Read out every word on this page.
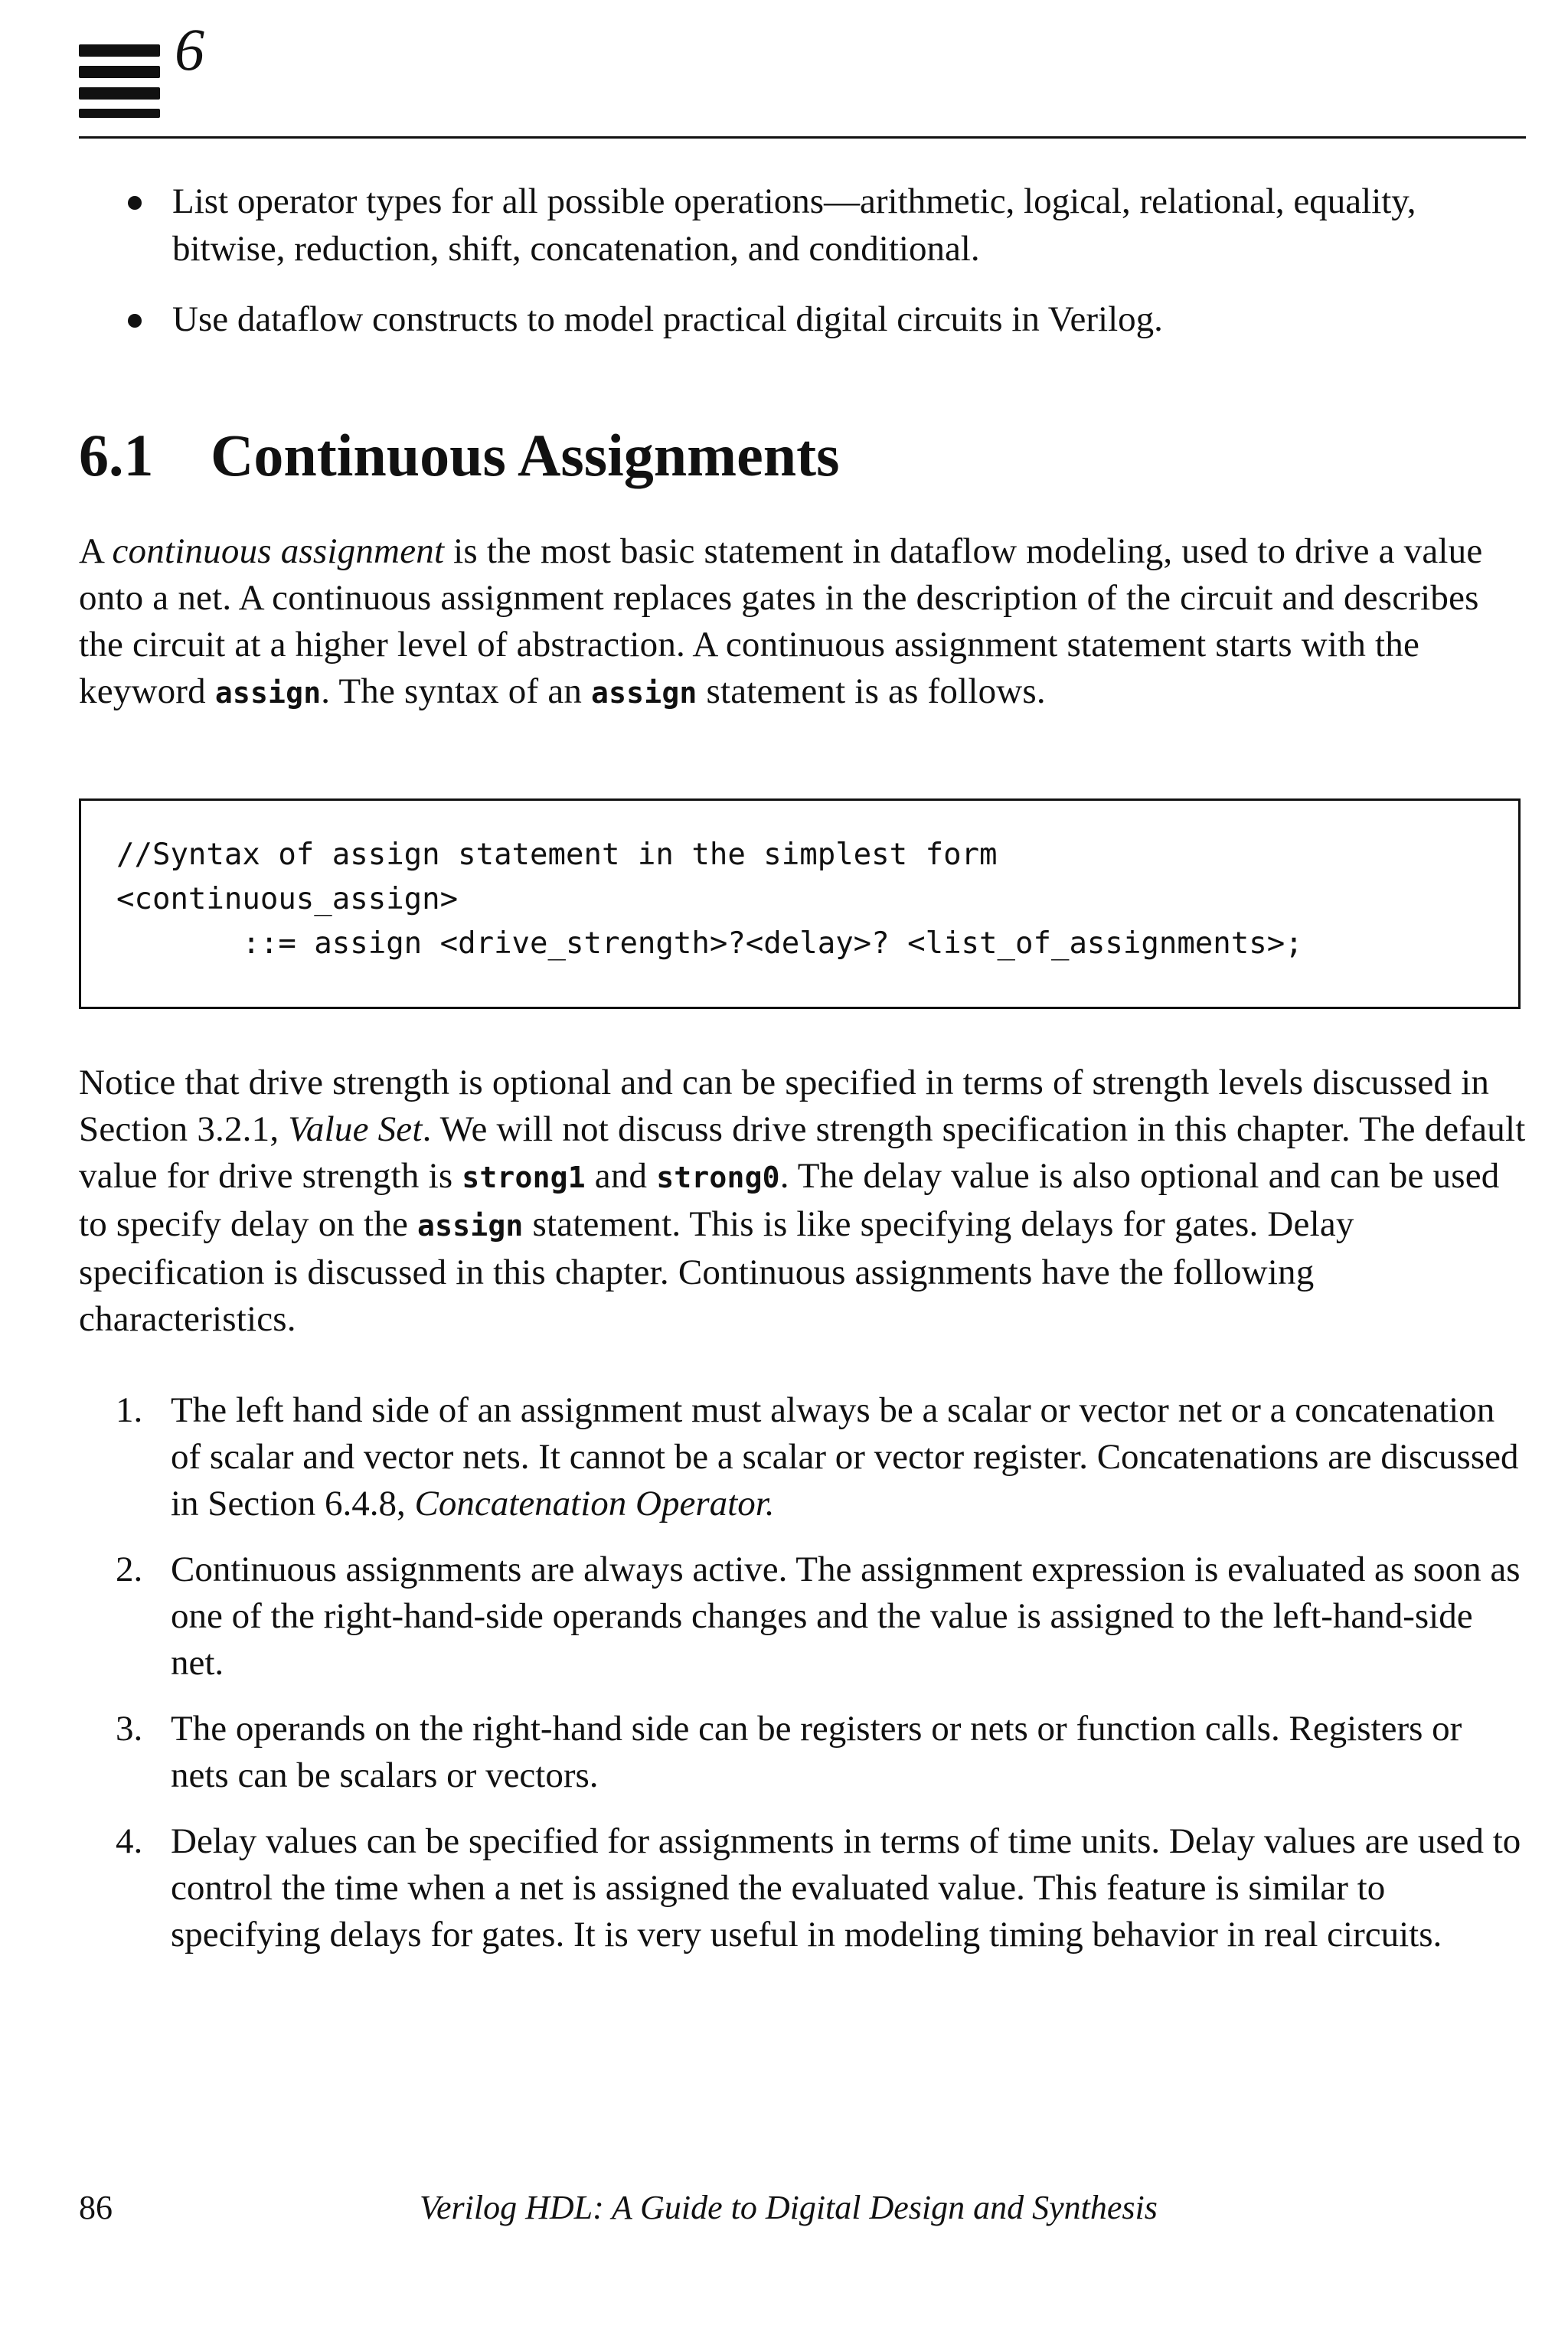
6
List operator types for all possible operations—arithmetic, logical, relational, equality, bitwise, reduction, shift, concatenation, and conditional.
Use dataflow constructs to model practical digital circuits in Verilog.
6.1 Continuous Assignments

A continuous assignment is the most basic statement in dataflow modeling, used to drive a value onto a net. A continuous assignment replaces gates in the description of the circuit and describes the circuit at a higher level of abstraction. A continuous assignment statement starts with the keyword assign. The syntax of an assign statement is as follows.

//Syntax of assign statement in the simplest form
<continuous_assign>
::= assign <drive_strength>?<delay>? <list_of_assignments>;

Notice that drive strength is optional and can be specified in terms of strength levels discussed in Section 3.2.1, Value Set. We will not discuss drive strength specification in this chapter. The default value for drive strength is strong1 and strong0. The delay value is also optional and can be used to specify delay on the assign statement. This is like specifying delays for gates. Delay specification is discussed in this chapter. Continuous assignments have the following characteristics.

1. The left hand side of an assignment must always be a scalar or vector net or a concatenation of scalar and vector nets. It cannot be a scalar or vector register. Concatenations are discussed in Section 6.4.8, Concatenation Operator.
2. Continuous assignments are always active. The assignment expression is evaluated as soon as one of the right-hand-side operands changes and the value is assigned to the left-hand-side net.
3. The operands on the right-hand side can be registers or nets or function calls. Registers or nets can be scalars or vectors.
4. Delay values can be specified for assignments in terms of time units. Delay values are used to control the time when a net is assigned the evaluated value. This feature is similar to specifying delays for gates. It is very useful in modeling timing behavior in real circuits.
86	Verilog HDL: A Guide to Digital Design and Synthesis
